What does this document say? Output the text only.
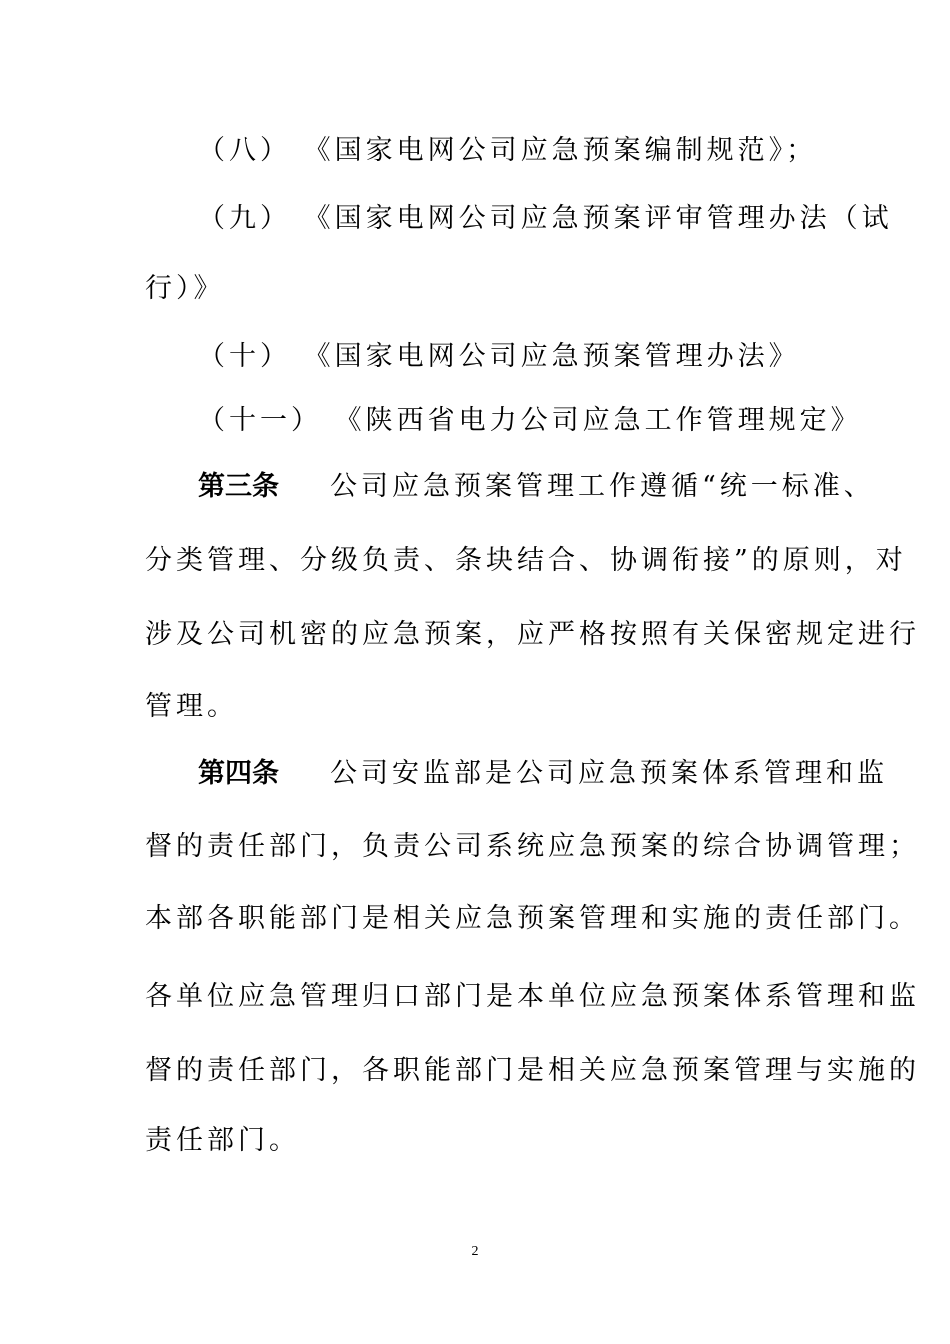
（八） 《国家电网公司应急预案编制规范》；
（九） 《国家电网公司应急预案评审管理办法（试
行）》
（十） 《国家电网公司应急预案管理办法》
（十一） 《陕西省电力公司应急工作管理规定》
第三条 公司应急预案管理工作遵循“统一标准、
分类管理、分级负责、条块结合、协调衔接”的原则，对
涉及公司机密的应急预案，应严格按照有关保密规定进行
管理。
第四条 公司安监部是公司应急预案体系管理和监
督的责任部门，负责公司系统应急预案的综合协调管理；
本部各职能部门是相关应急预案管理和实施的责任部门。
各单位应急管理归口部门是本单位应急预案体系管理和监
督的责任部门，各职能部门是相关应急预案管理与实施的
责任部门。
2
